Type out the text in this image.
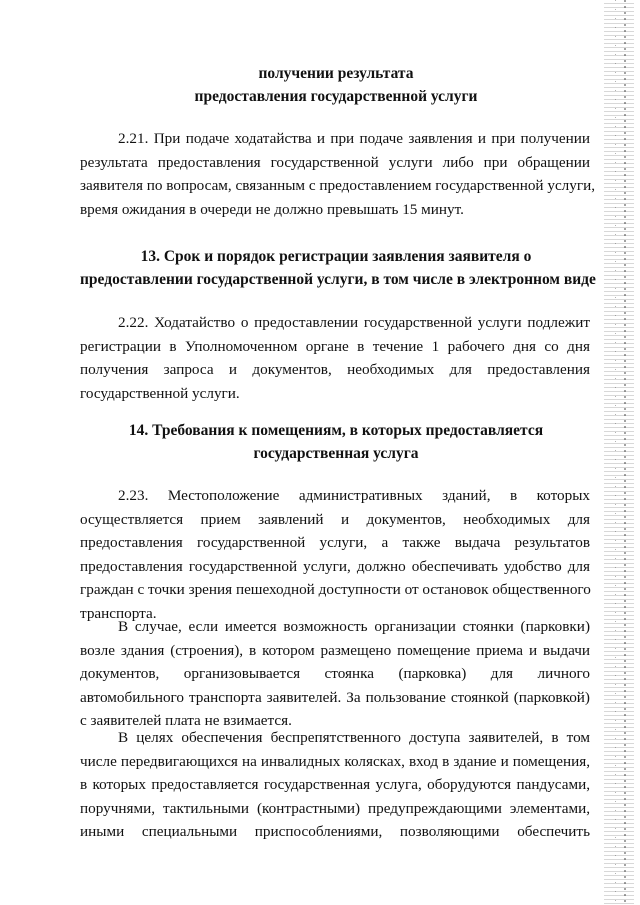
получении результата
предоставления государственной услуги
2.21. При подаче ходатайства и при подаче заявления и при получении
результата предоставления государственной услуги либо при обращении
заявителя по вопросам, связанным с предоставлением государственной услуги,
время ожидания в очереди не должно превышать 15 минут.
13. Срок и порядок регистрации заявления заявителя о
предоставлении государственной услуги, в том числе в электронном виде
2.22. Ходатайство о предоставлении государственной услуги подлежит
регистрации в Уполномоченном органе в течение 1 рабочего дня со дня
получения запроса и документов, необходимых для предоставления
государственной услуги.
14. Требования к помещениям, в которых предоставляется
государственная услуга
2.23. Местоположение административных зданий, в которых
осуществляется прием заявлений и документов, необходимых для
предоставления государственной услуги, а также выдача результатов
предоставления государственной услуги, должно обеспечивать удобство для
граждан с точки зрения пешеходной доступности от остановок общественного
транспорта.
В случае, если имеется возможность организации стоянки (парковки)
возле здания (строения), в котором размещено помещение приема и выдачи
документов, организовывается стоянка (парковка) для личного
автомобильного транспорта заявителей. За пользование стоянкой (парковкой)
с заявителей плата не взимается.
В целях обеспечения беспрепятственного доступа заявителей, в том
числе передвигающихся на инвалидных колясках, вход в здание и помещения,
в которых предоставляется государственная услуга, оборудуются пандусами,
поручнями, тактильными (контрастными) предупреждающими элементами,
иными специальными приспособлениями, позволяющими обеспечить
